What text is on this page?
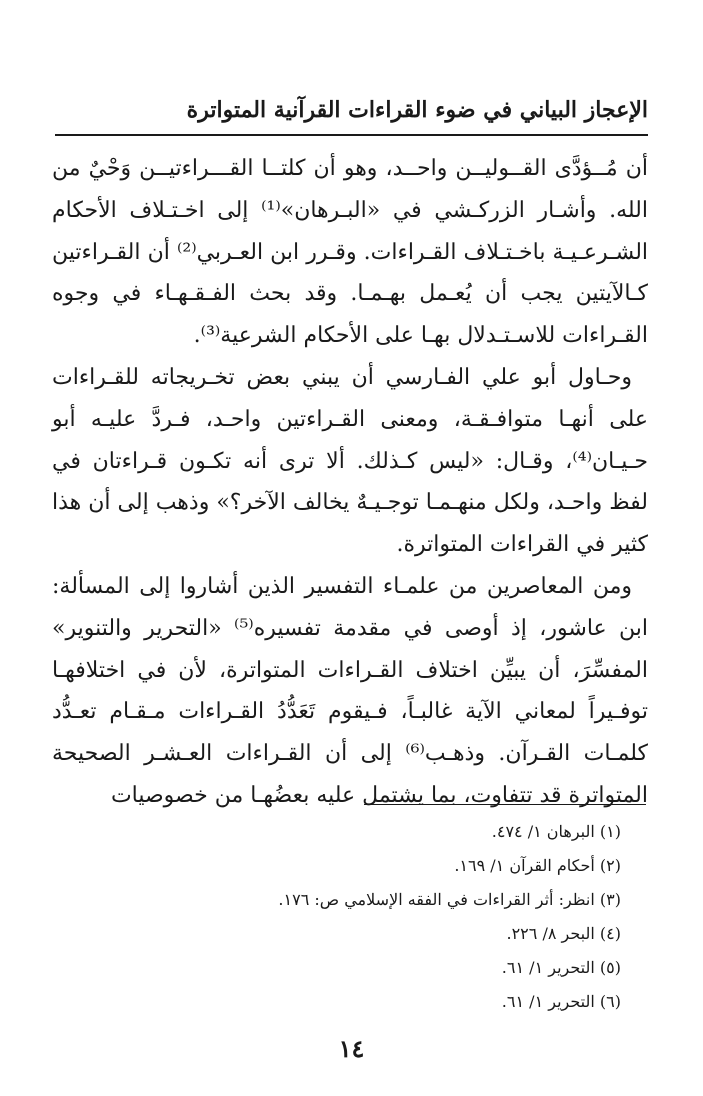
الإعجاز البياني في ضوء القراءات القرآنية المتواترة

أن مُــؤدَّى القــوليــن واحــد، وهو أن كلتــا القـــراءتيــن وَحْيٌ من الله. وأشـار الزركـشي في «البـرهان»⁽¹⁾ إلى اخـتـلاف الأحكام الشـرعـيـة باخـتـلاف القـراءات. وقـرر ابن العـربي⁽²⁾ أن القـراءتين كـالآيتين يجب أن يُعـمل بهـمـا. وقد بحث الفـقـهـاء في وجوه القـراءات للاسـتـدلال بهـا على الأحكام الشرعية⁽³⁾.

وحـاول أبو علي الفـارسي أن يبني بعض تخـريجاته للقـراءات على أنهـا متوافـقـة، ومعنى القـراءتين واحـد، فـردَّ عليـه أبو حـيـان⁽⁴⁾، وقـال: «ليس كـذلك. ألا ترى أنه تكـون قـراءتان في لفظ واحـد، ولكل منهـمـا توجـيـهٌ يخالف الآخر؟» وذهب إلى أن هذا كثير في القراءات المتواترة.

ومن المعاصرين من علمـاء التفسير الذين أشاروا إلى المسألة: ابن عاشور، إذ أوصى في مقدمة تفسيره⁽⁵⁾ «التحرير والتنوير» المفسِّرَ، أن يبيِّن اختلاف القـراءات المتواترة، لأن في اختلافهـا توفـيراً لمعاني الآية غالبـاً، فـيقوم تَعَدُّدُ القـراءات مـقـام تعـدُّد كلمـات القـرآن. وذهـب⁽⁶⁾ إلى أن القـراءات العـشـر الصحيحة المتواترة قد تتفاوت، بما يشتمل عليه بعضُهـا من خصوصيات

(١) البرهان ١/ ٤٧٤.

(٢) أحكام القرآن ١/ ١٦٩.

(٣) انظر: أثر القراءات في الفقه الإسلامي ص: ١٧٦.

(٤) البحر ٨/ ٢٢٦.

(٥) التحرير ١/ ٦١.

(٦) التحرير ١/ ٦١.

١٤
